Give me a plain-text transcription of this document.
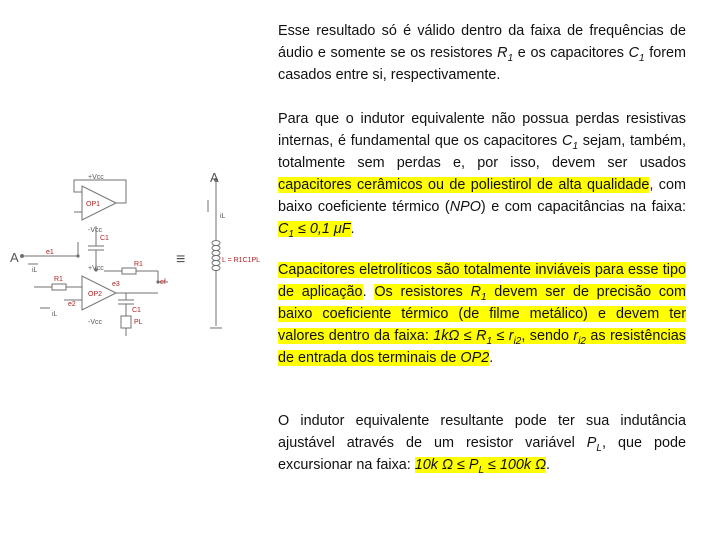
+Vcc
OP1
-Vcc
C1
+Vcc
R1
R1
OP2
C1
PL
-Vcc
e1
e2
e3	ef
iL
iL
iL
L = R1C1PL
A
A
≡
Esse resultado só é válido dentro da faixa de frequências de áudio e somente se os resistores $R_1$ e os capacitores $C_1$ forem casados entre si, respectivamente.
Para que o indutor equivalente não possua perdas resistivas internas, é fundamental que os capacitores $C_1$ sejam, também, totalmente sem perdas e, por isso, devem ser usados capacitores cerâmicos ou de poliestirol de alta qualidade, com baixo coeficiente térmico (NPO) e com capacitâncias na faixa: $C_1 \le 0,1$ μF.
Capacitores eletrolíticos são totalmente inviáveis para esse tipo de aplicação. Os resistores $R_1$ devem ser de precisão com baixo coeficiente térmico (de filme metálico) e devem ter valores dentro da faixa: $1k\Omega \le R_1 \le r_{i2}$, sendo $r_{i2}$ as resistências de entrada dos terminais de OP2.
O indutor equivalente resultante pode ter sua indutância ajustável através de um resistor variável $P_L$, que pode excursionar na faixa: 10k $\Omega \le P_L \le 100k$ Ω.
